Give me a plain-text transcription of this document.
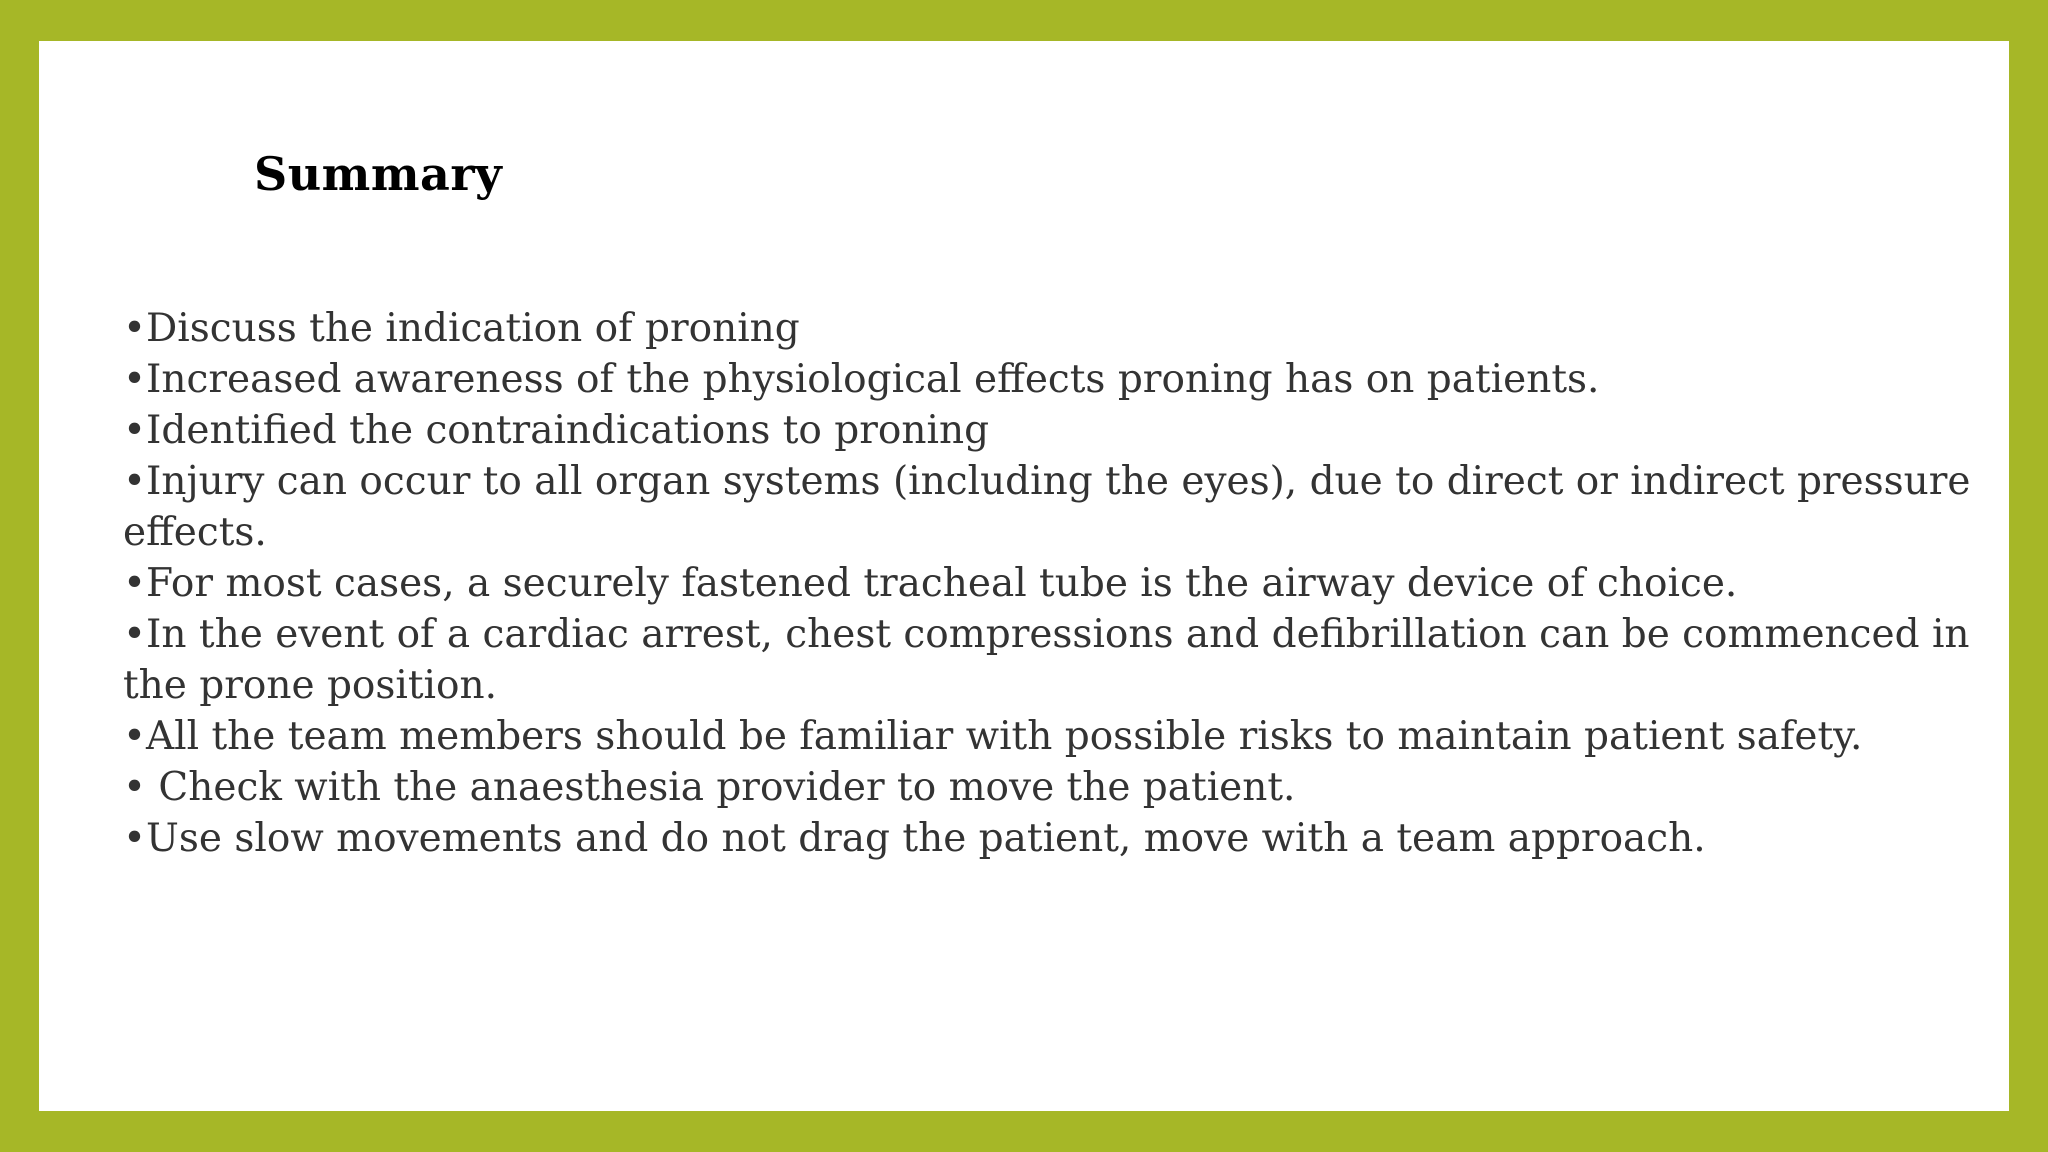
Summary
•Discuss the indication of proning
•Increased awareness of the physiological effects proning has on patients.
•Identified the contraindications to proning
•Injury can occur to all organ systems (including the eyes), due to direct or indirect pressure effects.
•For most cases, a securely fastened tracheal tube is the airway device of choice.
•In the event of a cardiac arrest, chest compressions and defibrillation can be commenced in the prone position.
•All the team members should be familiar with possible risks to maintain patient safety.
• Check with the anaesthesia provider to move the patient.
•Use slow movements and do not drag the patient, move with a team approach.
